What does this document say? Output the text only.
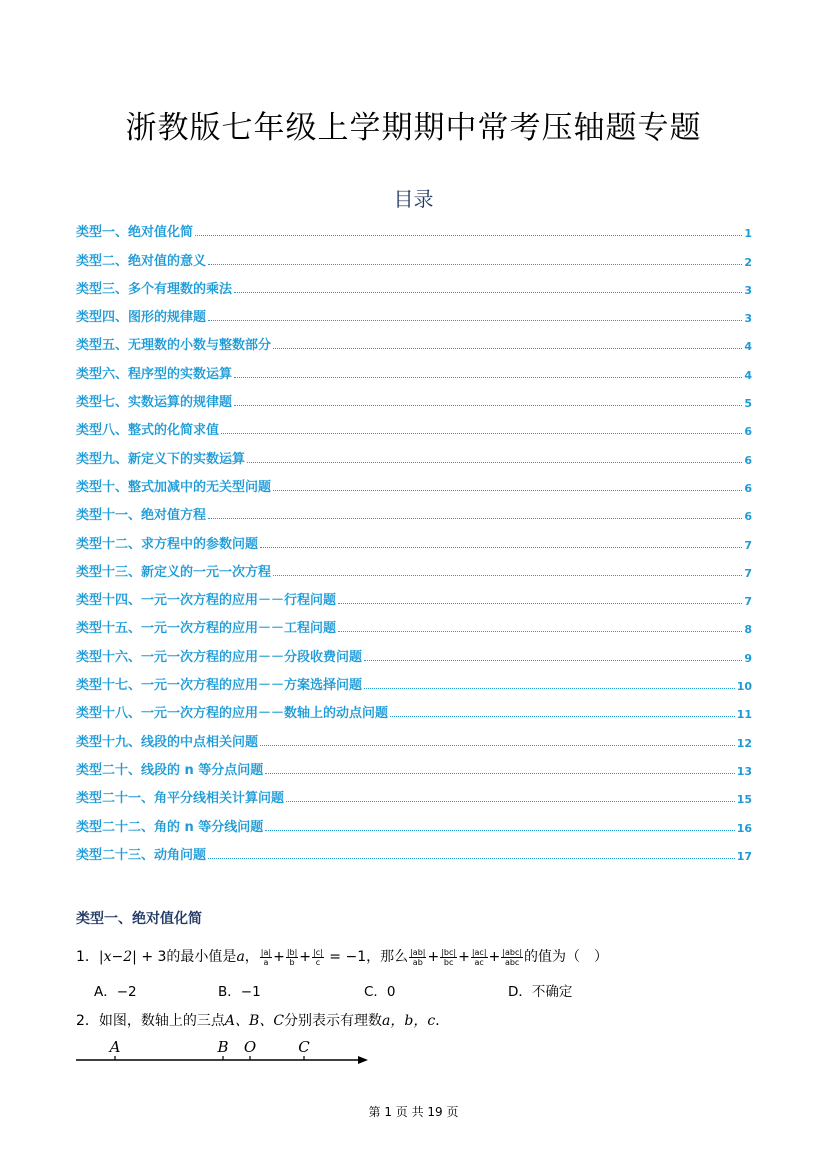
浙教版七年级上学期期中常考压轴题专题
目录
类型一、绝对值化简	1
类型二、绝对值的意义	2
类型三、多个有理数的乘法	3
类型四、图形的规律题	3
类型五、无理数的小数与整数部分	4
类型六、程序型的实数运算	4
类型七、实数运算的规律题	5
类型八、整式的化简求值	6
类型九、新定义下的实数运算	6
类型十、整式加减中的无关型问题	6
类型十一、绝对值方程	6
类型十二、求方程中的参数问题	7
类型十三、新定义的一元一次方程	7
类型十四、一元一次方程的应用－－行程问题	7
类型十五、一元一次方程的应用－－工程问题	8
类型十六、一元一次方程的应用－－分段收费问题	9
类型十七、一元一次方程的应用－－方案选择问题	10
类型十八、一元一次方程的应用－－数轴上的动点问题	11
类型十九、线段的中点相关问题	12
类型二十、线段的 n 等分点问题	13
类型二十一、角平分线相关计算问题	15
类型二十二、角的 n 等分线问题	16
类型二十三、动角问题	17
类型一、绝对值化简
1．|x−2| + 3的最小值是a， $\frac{|a|}{a} + \frac{|b|}{b} + \frac{|c|}{c} = -1$，那么 $\frac{|ab|}{ab} + \frac{|bc|}{bc} + \frac{|ac|}{ac} + \frac{\text{|abc|}}{\text{abc}}$ 的值为（　）
A．−2	B．−1	C．0	D．不确定
2．如图，数轴上的三点A、B、C分别表示有理数a，b，c．
A	B O	C
第 1 页 共 19 页
